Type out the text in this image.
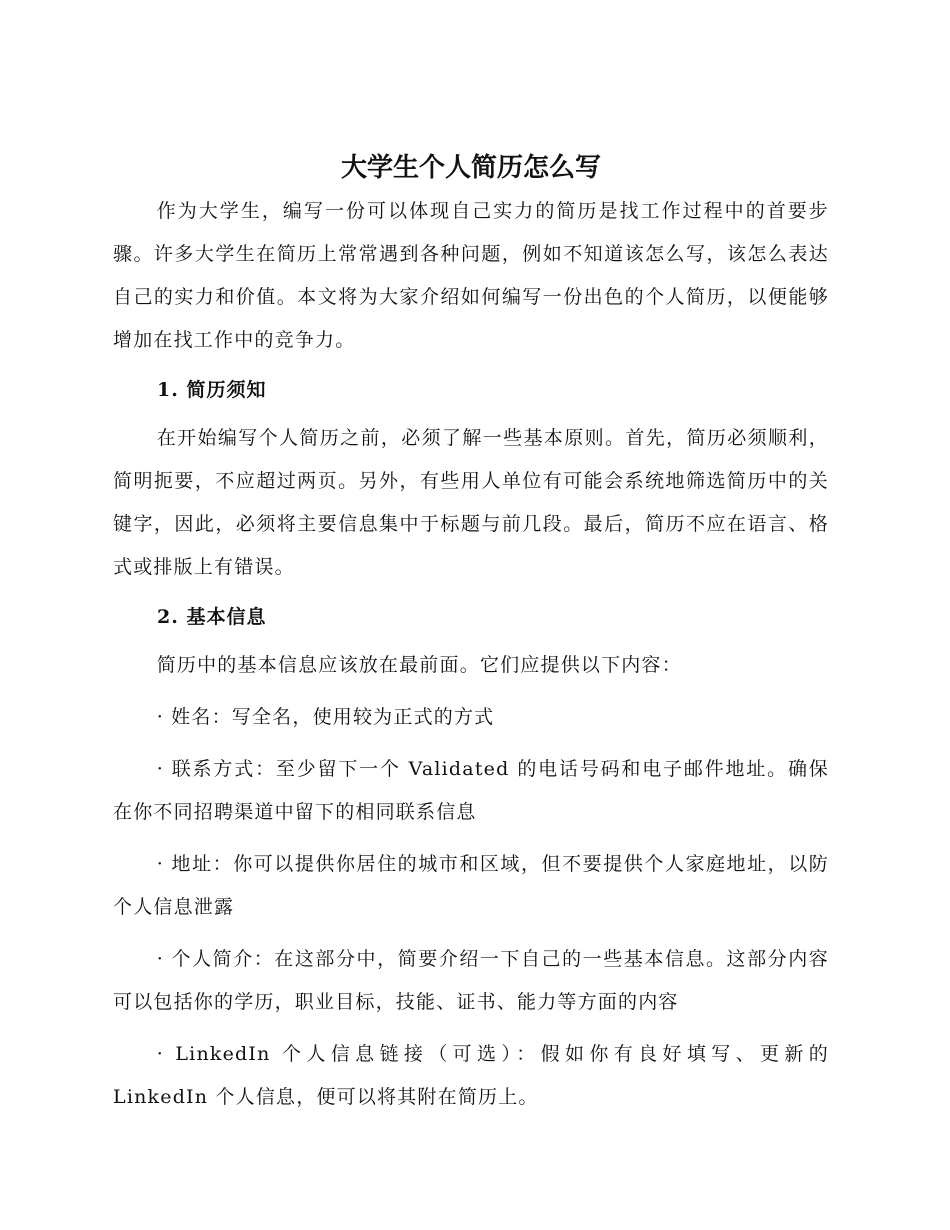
大学生个人简历怎么写

作为大学生，编写一份可以体现自己实力的简历是找工作过程中的首要步骤。许多大学生在简历上常常遇到各种问题，例如不知道该怎么写，该怎么表达自己的实力和价值。本文将为大家介绍如何编写一份出色的个人简历，以便能够增加在找工作中的竞争力。

1. 简历须知

在开始编写个人简历之前，必须了解一些基本原则。首先，简历必须顺利，简明扼要，不应超过两页。另外，有些用人单位有可能会系统地筛选简历中的关键字，因此，必须将主要信息集中于标题与前几段。最后，简历不应在语言、格式或排版上有错误。

2. 基本信息

简历中的基本信息应该放在最前面。它们应提供以下内容：

· 姓名：写全名，使用较为正式的方式

· 联系方式：至少留下一个 Validated 的电话号码和电子邮件地址。确保在你不同招聘渠道中留下的相同联系信息

· 地址：你可以提供你居住的城市和区域，但不要提供个人家庭地址，以防个人信息泄露

· 个人简介：在这部分中，简要介绍一下自己的一些基本信息。这部分内容可以包括你的学历，职业目标，技能、证书、能力等方面的内容

· LinkedIn 个人信息链接（可选）：假如你有良好填写、更新的 LinkedIn 个人信息，便可以将其附在简历上。
